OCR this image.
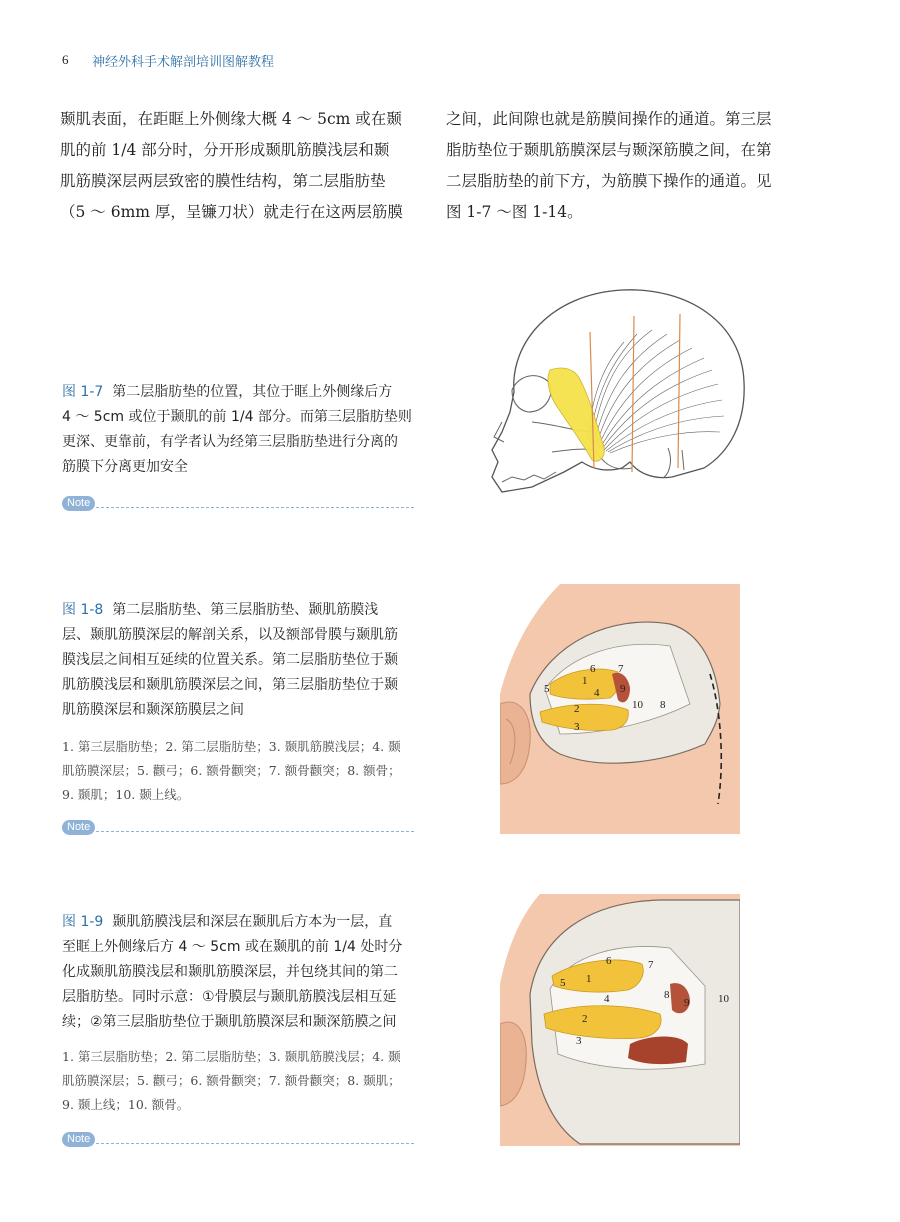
6 神经外科手术解剖培训图解教程
颞肌表面，在距眶上外侧缘大概 4 ～ 5cm 或在颞
肌的前 1/4 部分时，分开形成颞肌筋膜浅层和颞
肌筋膜深层两层致密的膜性结构，第二层脂肪垫
（5 ～ 6mm 厚，呈镰刀状）就走行在这两层筋膜
之间，此间隙也就是筋膜间操作的通道。第三层
脂肪垫位于颞肌筋膜深层与颞深筋膜之间，在第
二层脂肪垫的前下方，为筋膜下操作的通道。见
图 1-7 ～图 1-14。
图 1-7  第二层脂肪垫的位置，其位于眶上外侧缘后方
4 ～ 5cm 或位于颞肌的前 1/4 部分。而第三层脂肪垫则
更深、更靠前，有学者认为经第三层脂肪垫进行分离的
筋膜下分离更加安全
Note
图 1-8  第二层脂肪垫、第三层脂肪垫、颞肌筋膜浅
层、颞肌筋膜深层的解剖关系，以及额部骨膜与颞肌筋
膜浅层之间相互延续的位置关系。第二层脂肪垫位于颞
肌筋膜浅层和颞肌筋膜深层之间，第三层脂肪垫位于颞
肌筋膜深层和颞深筋膜层之间
1. 第三层脂肪垫；2. 第二层脂肪垫；3. 颞肌筋膜浅层；4. 颞
肌筋膜深层；5. 颧弓；6. 额骨颧突；7. 额骨颧突；8. 额骨；
9. 颞肌；10. 颞上线。
Note
1
2
3
4
5
6 7
8
9
10
图 1-9  颞肌筋膜浅层和深层在颞肌后方本为一层，直
至眶上外侧缘后方 4 ～ 5cm 或在颞肌的前 1/4 处时分
化成颞肌筋膜浅层和颞肌筋膜深层，并包绕其间的第二
层脂肪垫。同时示意：①骨膜层与颞肌筋膜浅层相互延
续；②第三层脂肪垫位于颞肌筋膜深层和颞深筋膜之间
1. 第三层脂肪垫；2. 第二层脂肪垫；3. 颞肌筋膜浅层；4. 颞
肌筋膜深层；5. 颧弓；6. 额骨颧突；7. 额骨颧突；8. 颞肌；
9. 颞上线；10. 额骨。
Note
1
2
3
4
5
6	7
8
9	10
